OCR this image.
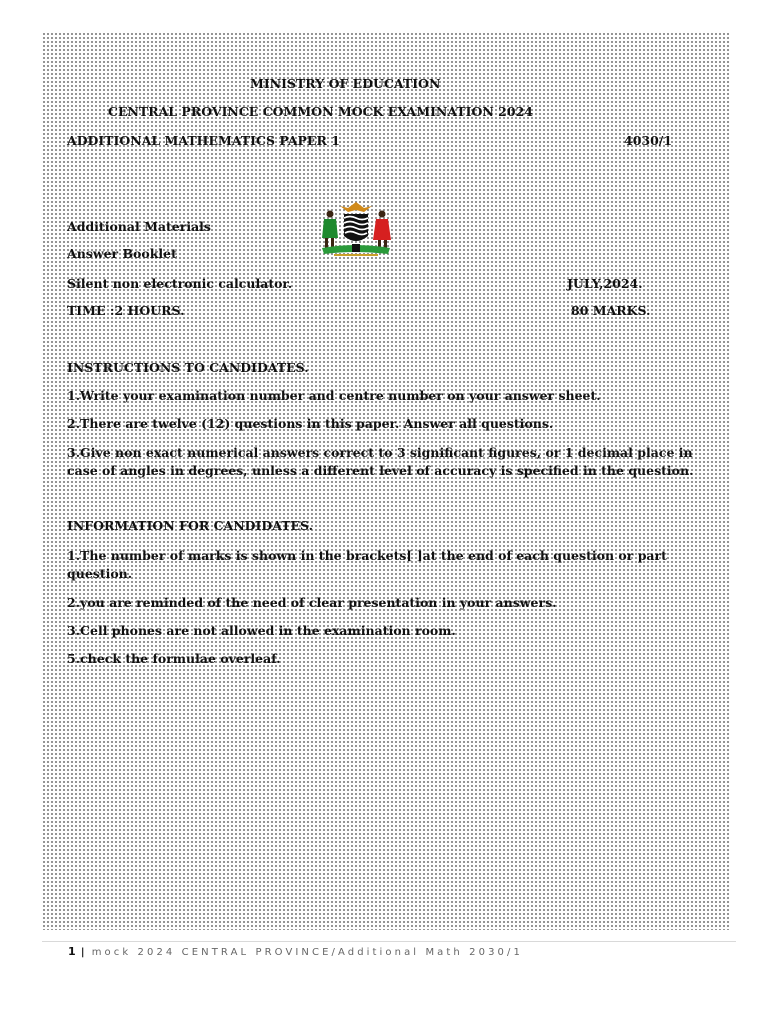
MINISTRY OF EDUCATION
CENTRAL PROVINCE COMMON MOCK EXAMINATION 2024
ADDITIONAL MATHEMATICS PAPER 1	4030/1
Additional Materials
Answer Booklet
Silent non electronic calculator.	JULY,2024.
TIME :2 HOURS.	80 MARKS.
INSTRUCTIONS TO CANDIDATES.
1.Write your examination number and centre number on your answer sheet.
2.There are twelve (12) questions in this paper. Answer all questions.
3.Give non exact numerical answers correct to 3 significant figures, or 1 decimal place in case of angles in degrees, unless a different level of accuracy is specified in the question.
INFORMATION FOR CANDIDATES.
1.The number of marks is shown in the brackets[ ]at the end of each question or part question.
2.you are reminded of the need of clear presentation in your answers.
3.Cell phones are not allowed in the examination room.
5.check the formulae overleaf.
1 | mock 2024 CENTRAL PROVINCE/Additional Math 2030/1
